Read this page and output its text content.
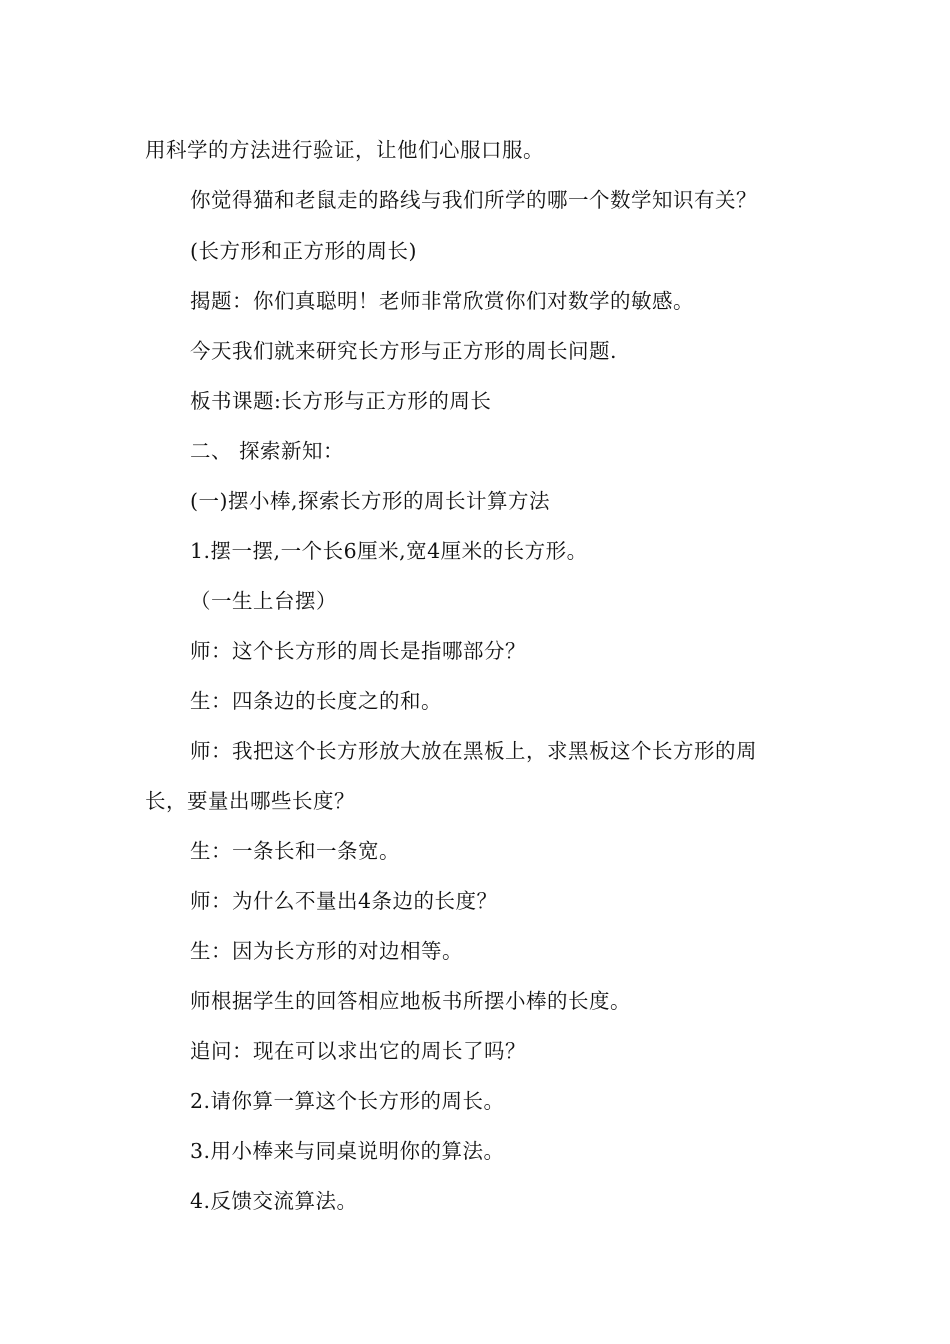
用科学的方法进行验证，让他们心服口服。
你觉得猫和老鼠走的路线与我们所学的哪一个数学知识有关？
(长方形和正方形的周长)
揭题：你们真聪明！老师非常欣赏你们对数学的敏感。
今天我们就来研究长方形与正方形的周长问题.
板书课题:长方形与正方形的周长
二、 探索新知：
(一)摆小棒,探索长方形的周长计算方法
1.摆一摆,一个长6厘米,宽4厘米的长方形。
（一生上台摆）
师：这个长方形的周长是指哪部分？
生：四条边的长度之的和。
师：我把这个长方形放大放在黑板上，求黑板这个长方形的周
长，要量出哪些长度？
生：一条长和一条宽。
师：为什么不量出4条边的长度？
生：因为长方形的对边相等。
师根据学生的回答相应地板书所摆小棒的长度。
追问：现在可以求出它的周长了吗？
2.请你算一算这个长方形的周长。
3.用小棒来与同桌说明你的算法。
4.反馈交流算法。
